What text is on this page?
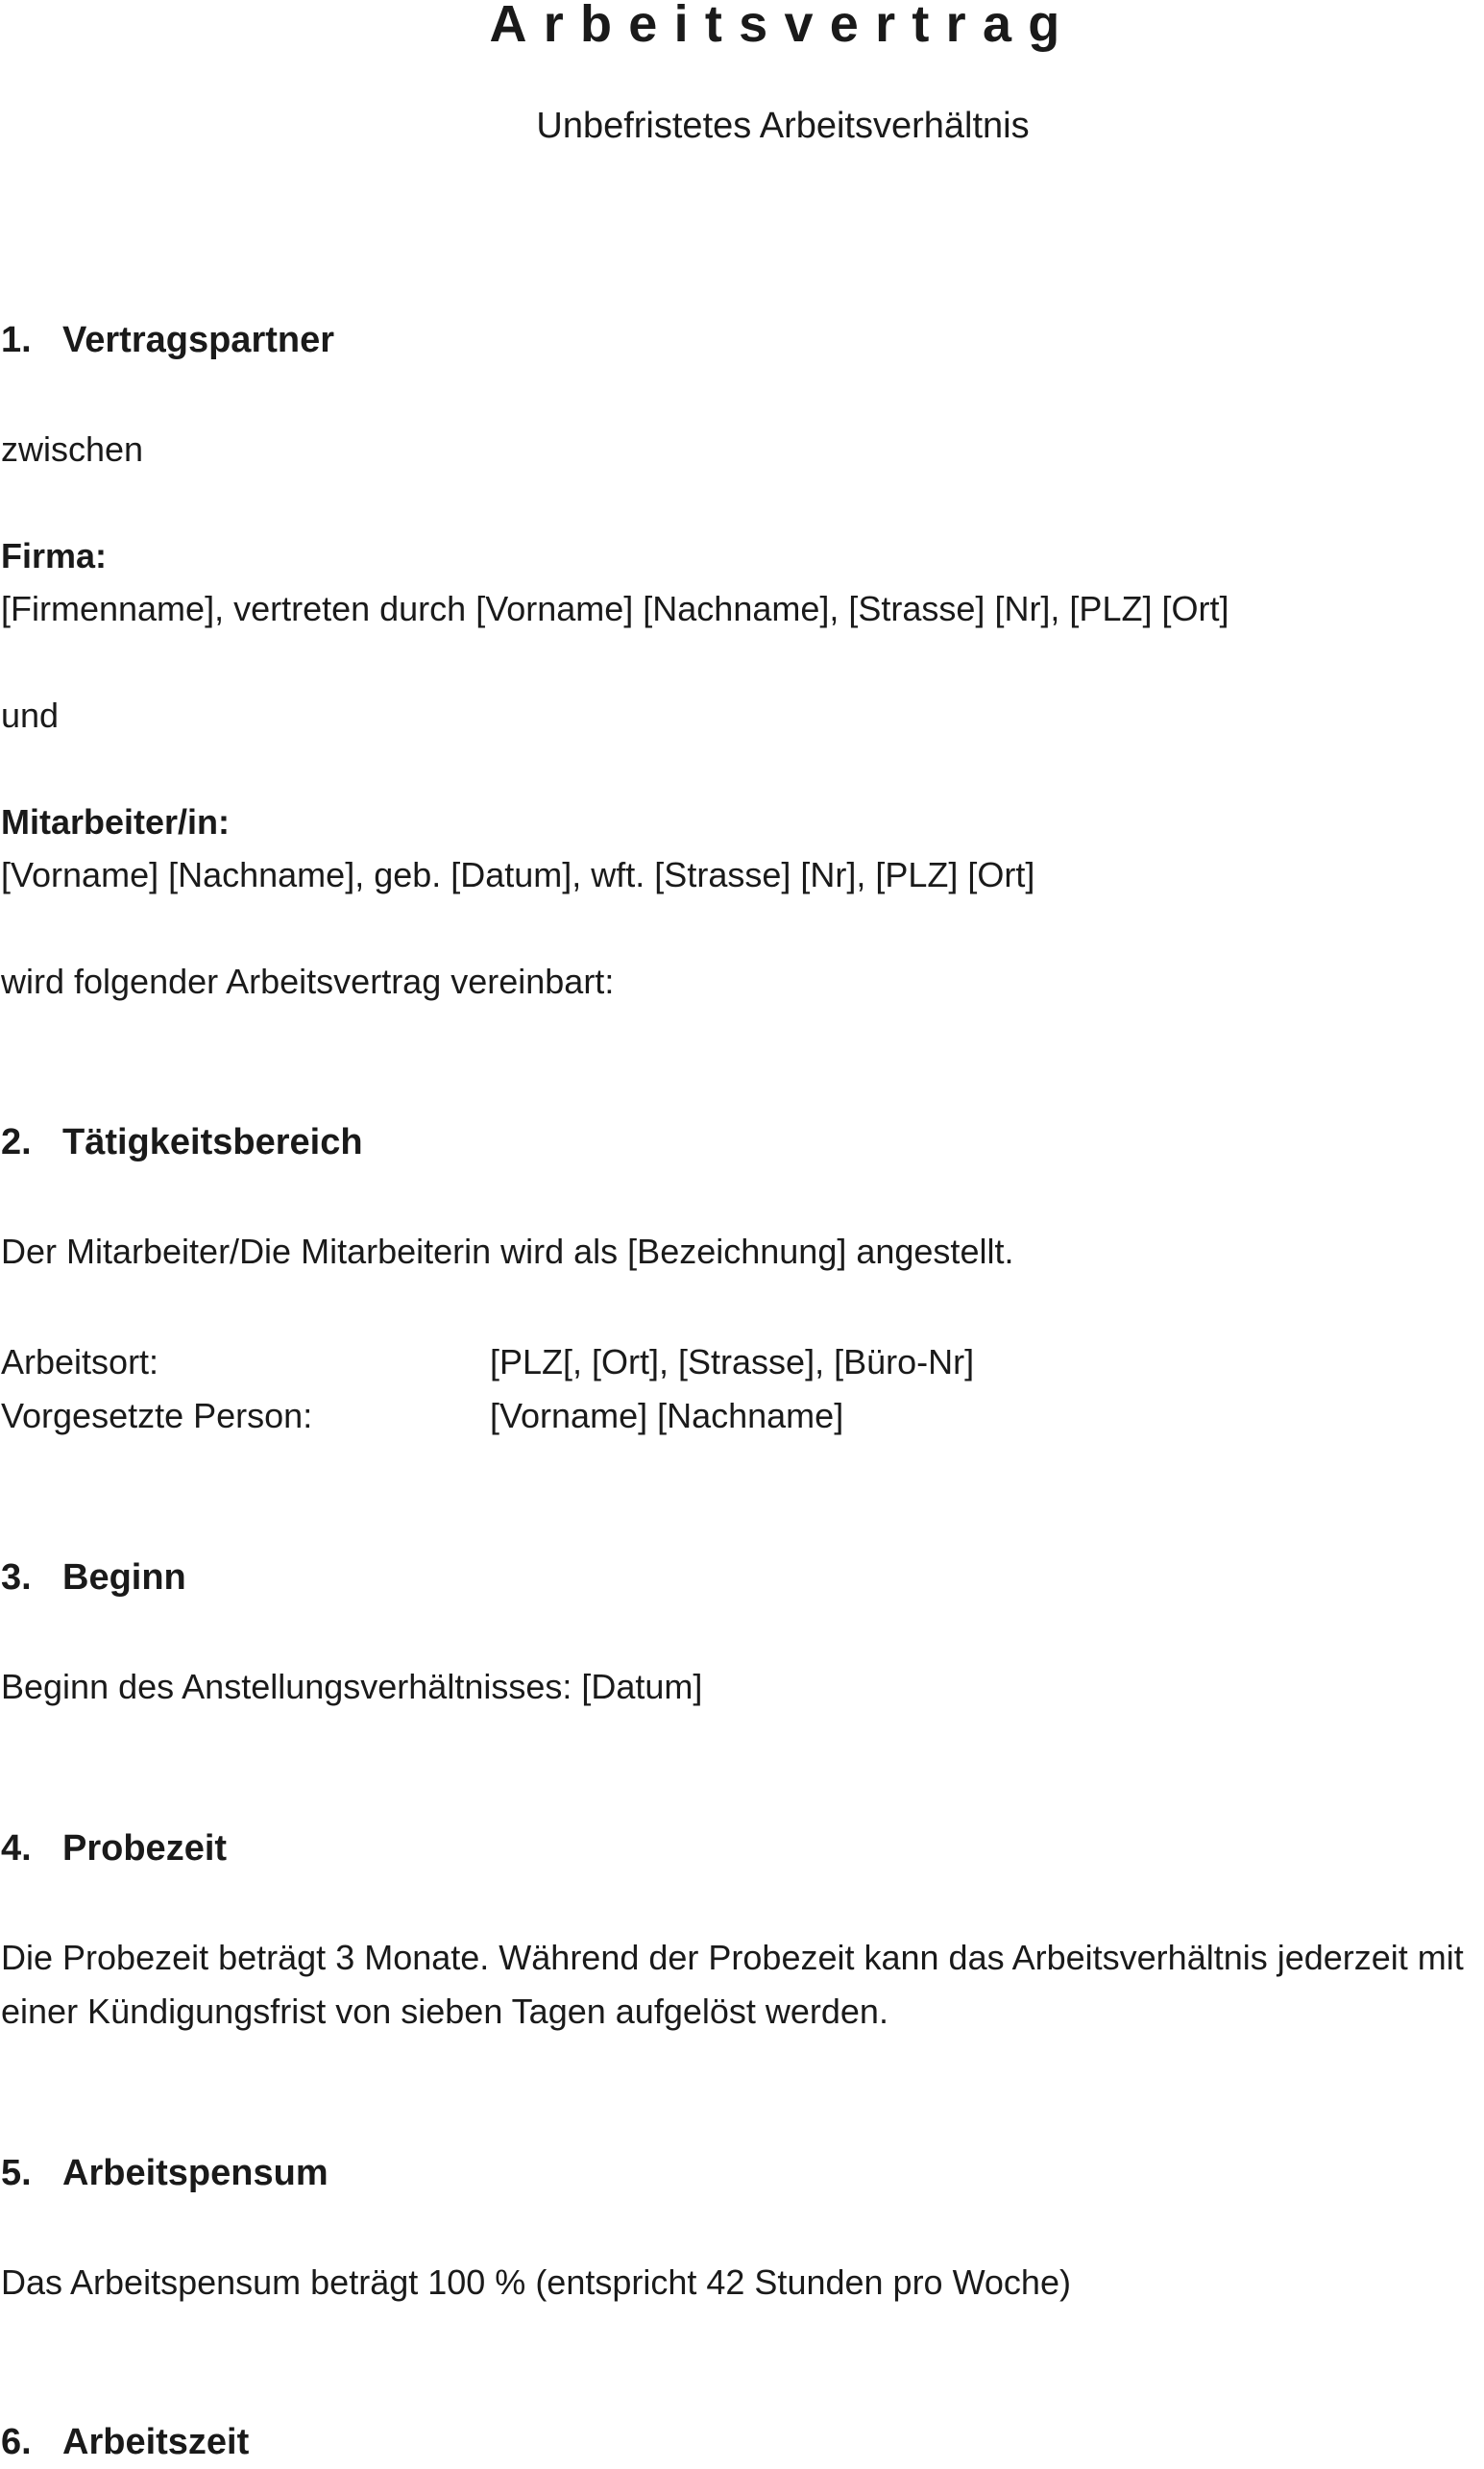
Arbeitsvertrag

Unbefristetes Arbeitsverhältnis

1. Vertragspartner

zwischen

Firma:

[Firmenname], vertreten durch [Vorname] [Nachname], [Strasse] [Nr], [PLZ] [Ort]

und

Mitarbeiter/in:

[Vorname] [Nachname], geb. [Datum], wft. [Strasse] [Nr], [PLZ] [Ort]

wird folgender Arbeitsvertrag vereinbart:

2. Tätigkeitsbereich

Der Mitarbeiter/Die Mitarbeiterin wird als [Bezeichnung] angestellt.

Arbeitsort:	[PLZ[, [Ort], [Strasse], [Büro-Nr]
Vorgesetzte Person:	[Vorname] [Nachname]
3. Beginn

Beginn des Anstellungsverhältnisses: [Datum]

4. Probezeit

Die Probezeit beträgt 3 Monate. Während der Probezeit kann das Arbeitsverhältnis jederzeit mit einer Kündigungsfrist von sieben Tagen aufgelöst werden.

5. Arbeitspensum

Das Arbeitspensum beträgt 100 % (entspricht 42 Stunden pro Woche)

6. Arbeitszeit
